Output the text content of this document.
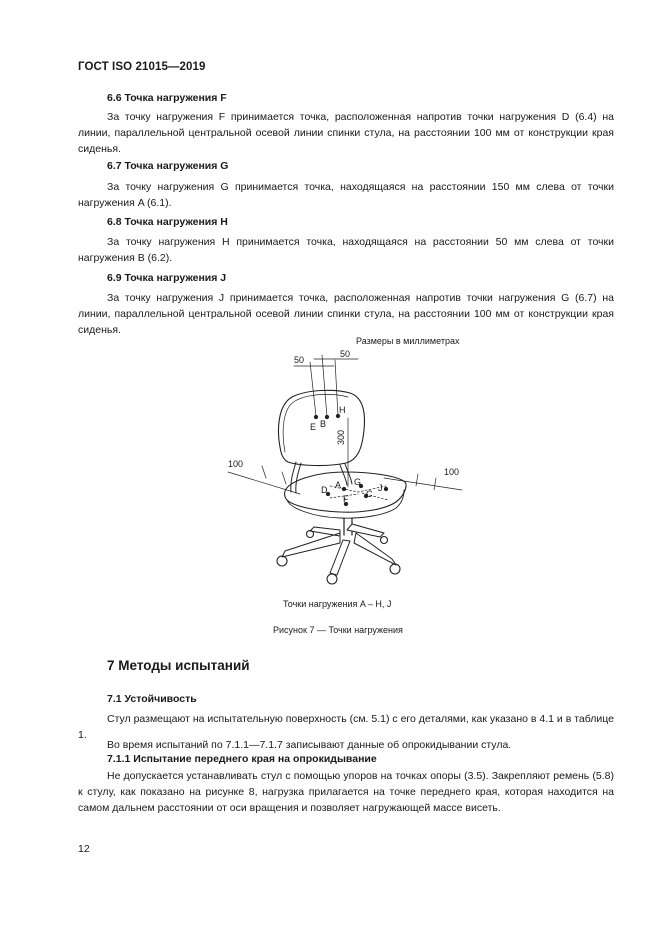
ГОСТ ISO 21015—2019
6.6 Точка нагружения F
За точку нагружения F принимается точка, расположенная напротив точки нагружения D (6.4) на линии, параллельной центральной осевой линии спинки стула, на расстоянии 100 мм от конструкции края сиденья.
6.7 Точка нагружения G
За точку нагружения G принимается точка, находящаяся на расстоянии 150 мм слева от точки нагружения A (6.1).
6.8 Точка нагружения H
За точку нагружения H принимается точка, находящаяся на расстоянии 50 мм слева от точки нагружения B (6.2).
6.9 Точка нагружения J
За точку нагружения J принимается точка, расположенная напротив точки нагружения G (6.7) на линии, параллельной центральной осевой линии спинки стула, на расстоянии 100 мм от конструкции края сиденья.
Размеры в миллиметрах
50
50
100
100
300
E B
H
D A G
J
C
F
Точки нагружения A – H, J
Рисунок 7 — Точки нагружения
7 Методы испытаний
7.1 Устойчивость
Стул размещают на испытательную поверхность (см. 5.1) с его деталями, как указано в 4.1 и в таблице 1.
Во время испытаний по 7.1.1—7.1.7 записывают данные об опрокидывании стула.
7.1.1 Испытание переднего края на опрокидывание
Не допускается устанавливать стул с помощью упоров на точках опоры (3.5). Закрепляют ремень (5.8) к стулу, как показано на рисунке 8, нагрузка прилагается на точке переднего края, которая находится на самом дальнем расстоянии от оси вращения и позволяет нагружающей массе висеть.
12
